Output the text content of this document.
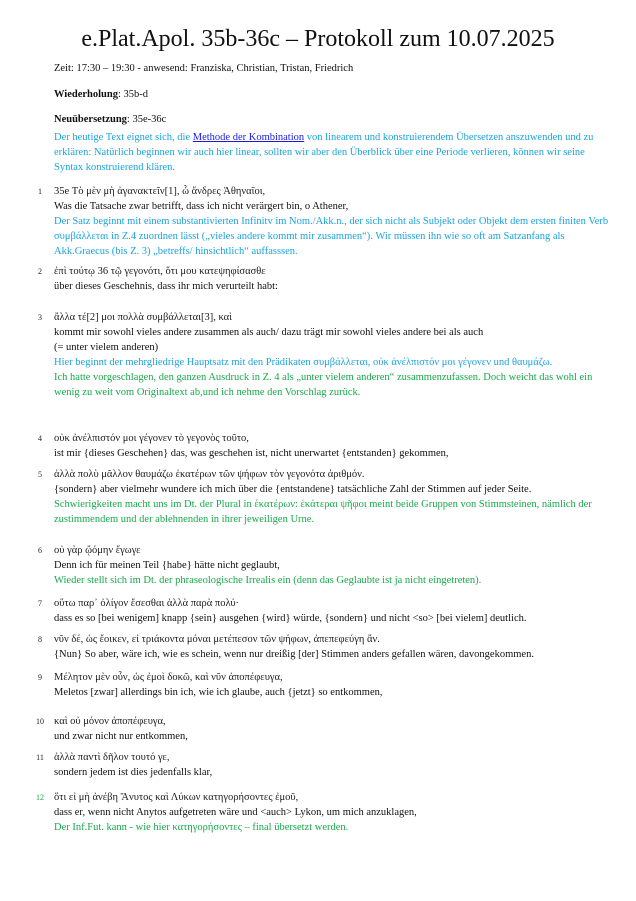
e.Plat.Apol. 35b-36c – Protokoll zum 10.07.2025
Zeit: 17:30 – 19:30 - anwesend: Franziska, Christian, Tristan, Friedrich
Wiederholung: 35b-d
Neuübersetzung: 35e-36c
Der heutige Text eignet sich, die Methode der Kombination von linearem und konstruierendem Übersetzen anszuwenden und zu erklären: Natürlich beginnen wir auch hier linear, sollten wir aber den Überblick über eine Periode verlieren, können wir seine Syntax konstruierend klären.
1	35e Τὸ μὲν μὴ ἀγανακτεῖν[1], ὦ ἄνδρες Ἀθηναῖοι,

Was die Tatsache zwar betrifft, dass ich nicht verärgert bin, o Athener,

Der Satz beginnt mit einem substantivierten Infinitv im Nom./Akk.n., der sich nicht als Subjekt oder Objekt dem ersten finiten Verb συμβάλλεται in Z.4 zuordnen lässt („vieles andere kommt mir zusammen“). Wir müssen ihn wie so oft am Satzanfang als Akk.Graecus (bis Z. 3) „betreffs/ hinsichtlich“ auffasssen.

2	ἐπὶ τούτῳ 36 τῷ γεγονότι, ὅτι μου κατεψηφίσασθε

über dieses Geschehnis, dass ihr mich verurteilt habt:

3	ἄλλα τέ[2] μοι πολλὰ συμβάλλεται[3], καὶ

kommt mir sowohl vieles andere zusammen als auch/ dazu trägt mir sowohl vieles andere bei als auch

(= unter vielem anderen)

Hier beginnt der mehrgliedrige Hauptsatz mit den Prädikaten συμβάλλεται, οὐκ ἀνέλπιστόν μοι γέγονεν und θαυμάζω.

Ich hatte vorgeschlagen, den ganzen Ausdruck in Z. 4 als „unter vielem anderen“ zusammenzufassen. Doch weicht das wohl ein wenig zu weit vom Originaltext ab,und ich nehme den Vorschlag zurück.

4	οὐκ ἀνέλπιστόν μοι γέγονεν τὸ γεγονὸς τοῦτο,

ist mir {dieses Geschehen} das, was geschehen ist, nicht unerwartet {entstanden} gekommen,

5	ἀλλὰ πολὺ μᾶλλον θαυμάζω ἑκατέρων τῶν ψήφων τὸν γεγονότα ἀριθμόν.

{sondern} aber vielmehr wundere ich mich über die {entstandene} tatsächliche Zahl der Stimmen auf jeder Seite.

Schwierigkeiten macht uns im Dt. der Plural in ἑκατέρων: ἑκάτεραι ψῆφοι meint beide Gruppen von Stimmsteinen, nämlich der zustimmendem und der ablehnenden in ihrer jeweiligen Urne.

6	οὐ γὰρ ᾤόμην ἔγωγε

Denn ich für meinen Teil {habe} hätte nicht geglaubt,

Wieder stellt sich im Dt. der phraseologische Irrealis ein (denn das Geglaubte ist ja nicht eingetreten).

7	οὕτω παρ᾽ ὀλίγον ἔσεσθαι ἀλλὰ παρὰ πολύ·

dass es so [bei wenigem] knapp {sein} ausgehen {wird} würde, {sondern} und nicht <so> [bei vielem] deutlich.

8	νῦν δέ, ὡς ἔοικεν, εἰ τριάκοντα μόναι μετέπεσον τῶν ψήφων, ἀπεπεφεύγη ἄν.

{Nun} So aber, wäre ich, wie es schein, wenn nur dreißig [der] Stimmen anders gefallen wären, davongekommen.

9	Μέλητον μὲν οὖν, ὡς ἐμοὶ δοκῶ, καὶ νῦν ἀποπέφευγα,

Meletos [zwar] allerdings bin ich, wie ich glaube, auch {jetzt} so entkommen,

10 καὶ οὐ μόνον ἀποπέφευγα,

und zwar nicht nur entkommen,

11 ἀλλὰ παντὶ δῆλον τουτό γε,

sondern jedem ist dies jedenfalls klar,

12 ὅτι εἰ μὴ ἀνέβη Ἄνυτος καὶ Λύκων κατηγορήσοντες ἐμοῦ,

dass er, wenn nicht Anytos aufgetreten wäre und <auch> Lykon, um mich anzuklagen,

Der Inf.Fut. kann - wie hier κατηγορήσοντες – final übersetzt werden.
